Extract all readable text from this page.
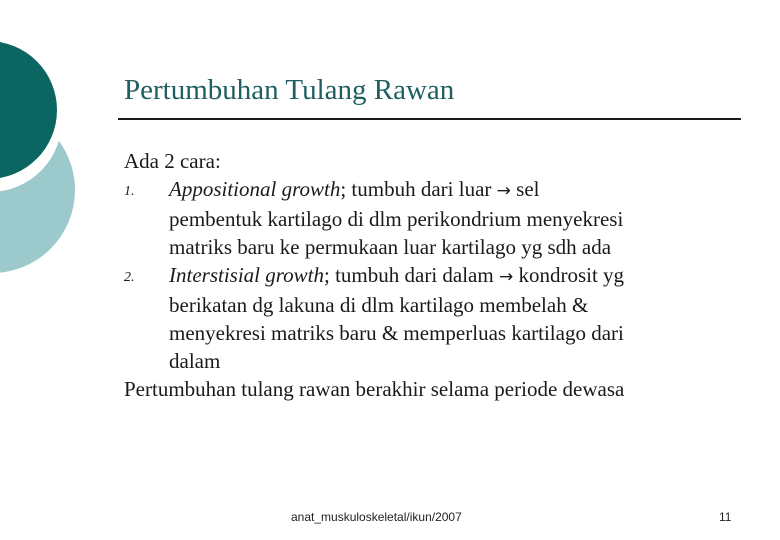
Pertumbuhan Tulang Rawan
Ada 2 cara:
1. Appositional growth; tumbuh dari luar → sel
pembentuk kartilago di dlm perikondrium menyekresi
matriks baru ke permukaan luar kartilago yg sdh ada
2. Interstisial growth; tumbuh dari dalam → kondrosit yg
berikatan dg lakuna di dlm kartilago membelah &
menyekresi matriks baru & memperluas kartilago dari
dalam
Pertumbuhan tulang rawan berakhir selama periode dewasa
anat_muskuloskeletal/ikun/2007	11
